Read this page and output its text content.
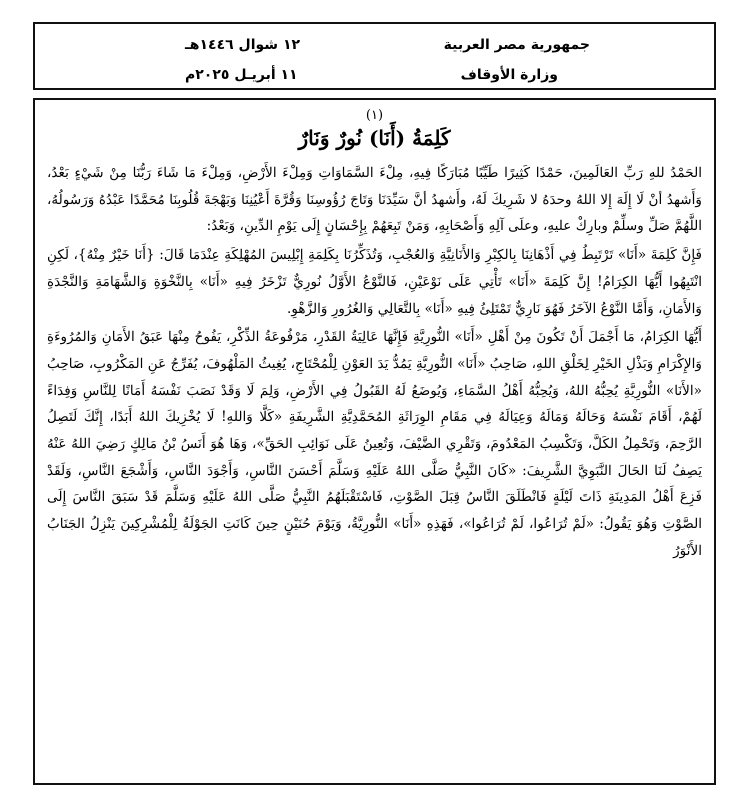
جمهورية مصر العربية
وزارة الأوقاف
١٢ شوال ١٤٤٦هـ
١١ أبريـل ٢٠٢٥م
(١)
كَلِمَةُ (أَنَا) نُورٌ وَنَارٌ

الحَمْدُ للهِ رَبِّ العَالَمِينَ، حَمْدًا كَثِيرًا طَيِّبًا مُبَارَكًا فِيهِ، مِلْءَ السَّمَاوَاتِ وَمِلْءَ الأَرْضِ، وَمِلْءَ مَا شَاءَ رَبُّنَا مِنْ شَيْءٍ بَعْدُ، وَأَشهدُ أنْ لَا إِلَهَ إِلا اللهُ وحدَهُ لا شَرِيكَ لَهُ، وأَشهدُ أنَّ سَيِّدَنَا وَتَاجَ رُؤُوسِنَا وَقُرَّةَ أَعْيُنِنَا وَبَهْجَةَ قُلُوبِنَا مُحَمَّدًا عَبْدُهُ وَرَسُولُهُ، اللَّهُمَّ صَلِّ وسلِّمْ وبارِكْ عليهِ، وعلَى آلِهِ وَأَصْحَابِهِ، وَمَنْ تَبِعَهُمْ بِإِحْسَانٍ إِلَى يَوْمِ الدِّينِ، وَبَعْدُ:

فَإِنَّ كَلِمَةَ «أَنَا» تَرْتَبِطُ فِي أَذْهَانِنَا بِالكِبْرِ وَالأَنَانِيَّةِ وَالعُجْبِ، وَتُذَكِّرُنَا بِكَلِمَةِ إِبْلِيسَ المُهْلِكَةِ عِنْدَمَا قَالَ: {أَنَا خَيْرٌ مِنْهُ}، لَكِنِ انْتَبِهُوا أَيُّهَا الكِرَامُ! إِنَّ كَلِمَةَ «أَنَا» تَأْتِي عَلَى نَوْعَيْنِ، فَالنَّوْعُ الأَوَّلُ نُورِيٌّ تَزْخَرُ فِيهِ «أَنَا» بِالنَّخْوَةِ وَالشَّهَامَةِ وَالنَّجْدَةِ وَالأَمَانِ، وَأَمَّا النَّوْعُ الآخَرُ فَهُوَ نَارِيٌّ تَمْتَلِئُ فِيهِ «أَنَا» بِالتَّعَالِي وَالغُرُورِ وَالزَّهْوِ.

أَيُّهَا الكِرَامُ، مَا أَجْمَلَ أَنْ تَكُونَ مِنْ أَهْلِ «أَنَا» النُّورِيَّةِ فَإِنَّهَا عَالِيَةُ القَدْرِ، مَرْفُوعَةُ الذِّكْرِ، يَفُوحُ مِنْهَا عَبَقُ الأَمَانِ وَالمُرُوءَةِ وَالإِكْرَامِ وَبَذْلِ الخَيْرِ لِخَلْقِ اللهِ، صَاحِبُ «أَنَا» النُّورِيَّةِ يَمُدُّ يَدَ العَوْنِ لِلْمُحْتَاجِ، يُغِيثُ المَلْهُوفَ، يُفَرِّجُ عَنِ المَكْرُوبِ، صَاحِبُ «الأَنَا» النُّورِيَّةِ يُحِبُّهُ اللهُ، وَيُحِبُّهُ أَهْلُ السَّمَاءِ، وَيُوضَعُ لَهُ القَبُولُ فِي الأَرْضِ، وَلِمَ لَا وَقَدْ نَصَبَ نَفْسَهُ أَمَانًا لِلنَّاسِ وَفِدَاءً لَهُمْ، أَقَامَ نَفْسَهُ وَحَالَهُ وَمَالَهُ وَعِيَالَهُ فِي مَقَامِ الوِرَاثَةِ المُحَمَّدِيَّةِ الشَّرِيفَةِ «كَلَّا وَاللهِ! لَا يُخْزِيكَ اللهُ أَبَدًا، إِنَّكَ لَتَصِلُ الرَّحِمَ، وَتَحْمِلُ الكَلَّ، وَتَكْسِبُ المَعْدُومَ، وَتَقْرِي الضَّيْفَ، وَتُعِينُ عَلَى نَوَائِبِ الحَقِّ»، وَهَا هُوَ أَنَسُ بْنُ مَالِكٍ رَضِيَ اللهُ عَنْهُ يَصِفُ لَنَا الحَالَ النَّبَوِيَّ الشَّرِيفَ: «كَانَ النَّبِيُّ صَلَّى اللهُ عَلَيْهِ وَسَلَّمَ أَحْسَنَ النَّاسِ، وَأَجْوَدَ النَّاسِ، وَأَشْجَعَ النَّاسِ، وَلَقَدْ فَزِعَ أَهْلُ المَدِينَةِ ذَاتَ لَيْلَةٍ فَانْطَلَقَ النَّاسُ قِبَلَ الصَّوْتِ، فَاسْتَقْبَلَهُمُ النَّبِيُّ صَلَّى اللهُ عَلَيْهِ وَسَلَّمَ قَدْ سَبَقَ النَّاسَ إِلَى الصَّوْتِ وَهُوَ يَقُولُ: «لَمْ تُرَاعُوا، لَمْ تُرَاعُوا»، فَهَذِهِ «أَنَا» النُّورِيَّةُ، وَيَوْمَ حُنَيْنٍ حِينَ كَانَتِ الجَوْلَةُ لِلْمُشْرِكِينَ يَنْزِلُ الجَنَابُ الأَنْوَرُ
